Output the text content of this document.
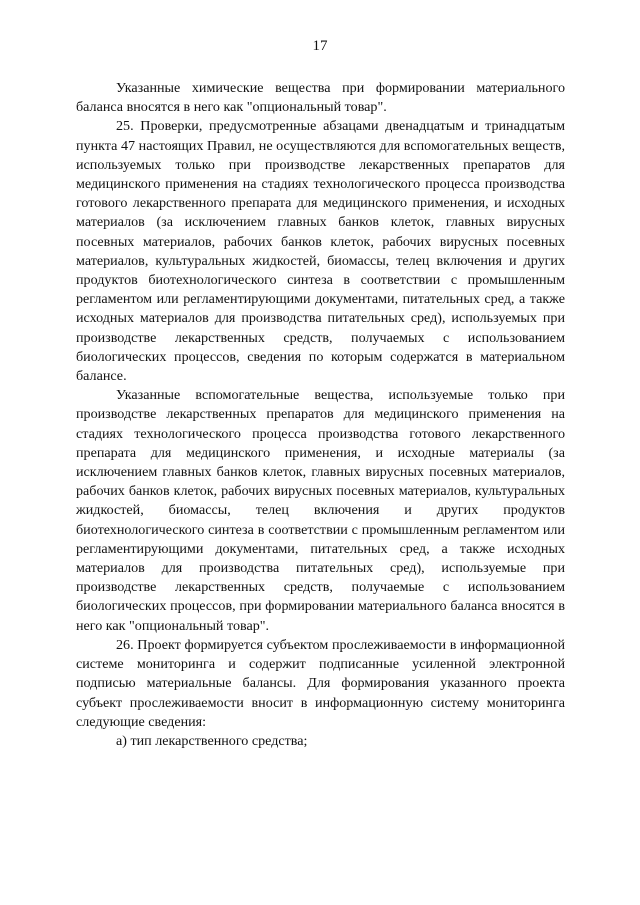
17

Указанные химические вещества при формировании материального баланса вносятся в него как "опциональный товар".

25. Проверки, предусмотренные абзацами двенадцатым и тринадцатым пункта 47 настоящих Правил, не осуществляются для вспомогательных веществ, используемых только при производстве лекарственных препаратов для медицинского применения на стадиях технологического процесса производства готового лекарственного препарата для медицинского применения, и исходных материалов (за исключением главных банков клеток, главных вирусных посевных материалов, рабочих банков клеток, рабочих вирусных посевных материалов, культуральных жидкостей, биомассы, телец включения и других продуктов биотехнологического синтеза в соответствии с промышленным регламентом или регламентирующими документами, питательных сред, а также исходных материалов для производства питательных сред), используемых при производстве лекарственных средств, получаемых с использованием биологических процессов, сведения по которым содержатся в материальном балансе.

Указанные вспомогательные вещества, используемые только при производстве лекарственных препаратов для медицинского применения на стадиях технологического процесса производства готового лекарственного препарата для медицинского применения, и исходные материалы (за исключением главных банков клеток, главных вирусных посевных материалов, рабочих банков клеток, рабочих вирусных посевных материалов, культуральных жидкостей, биомассы, телец включения и других продуктов биотехнологического синтеза в соответствии с промышленным регламентом или регламентирующими документами, питательных сред, а также исходных материалов для производства питательных сред), используемые при производстве лекарственных средств, получаемые с использованием биологических процессов, при формировании материального баланса вносятся в него как "опциональный товар".

26. Проект формируется субъектом прослеживаемости в информационной системе мониторинга и содержит подписанные усиленной электронной подписью материальные балансы. Для формирования указанного проекта субъект прослеживаемости вносит в информационную систему мониторинга следующие сведения:

а) тип лекарственного средства;
